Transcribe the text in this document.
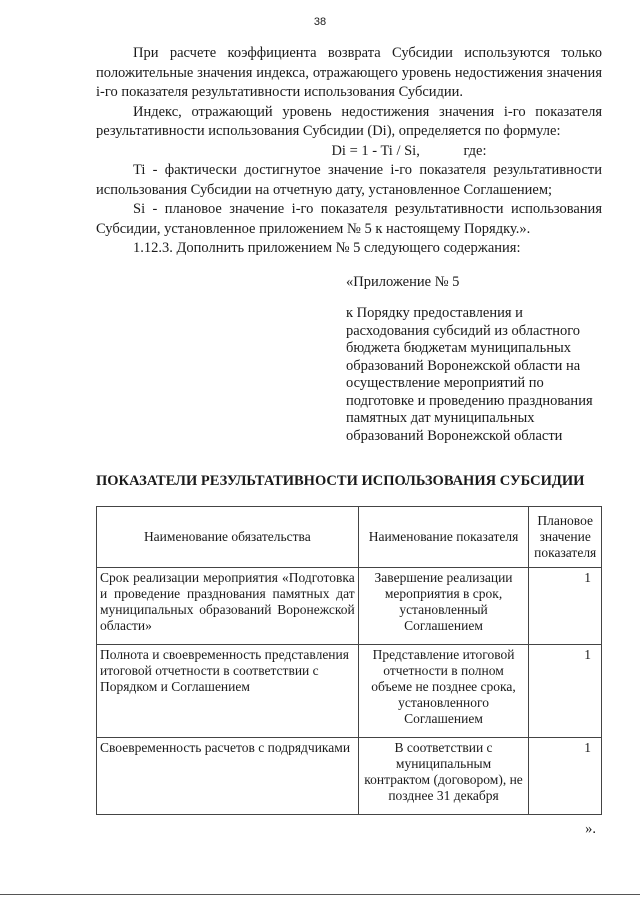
38

При расчете коэффициента возврата Субсидии используются только положительные значения индекса, отражающего уровень недостижения значения i-го показателя результативности использования Субсидии.

Индекс, отражающий уровень недостижения значения i-го показателя результативности использования Субсидии (Di), определяется по формуле:

Di = 1 - Ti / Si,	где:

Ti - фактически достигнутое значение i-го показателя результативности использования Субсидии на отчетную дату, установленное Соглашением;

Si - плановое значение i-го показателя результативности использования Субсидии, установленное приложением № 5 к настоящему Порядку.».

1.12.3. Дополнить приложением № 5 следующего содержания:

«Приложение № 5

к Порядку предоставления и расходования субсидий из областного бюджета бюджетам муниципальных образований Воронежской области на осуществление мероприятий по подготовке и проведению празднования памятных дат муниципальных образований Воронежской области

ПОКАЗАТЕЛИ РЕЗУЛЬТАТИВНОСТИ ИСПОЛЬЗОВАНИЯ СУБСИДИИ
Наименование обязательства	Наименование показателя	Плановое значение показателя
Срок реализации мероприятия «Подготовка и проведение празднования памятных дат муниципальных образований Воронежской области»	Завершение реализации мероприятия в срок, установленный Соглашением	1
Полнота и своевременность представления итоговой отчетности в соответствии с Порядком и Соглашением	Представление итоговой отчетности в полном объеме не позднее срока, установленного Соглашением	1
Своевременность расчетов с подрядчиками	В соответствии с муниципальным контрактом (договором), не позднее 31 декабря	1
».
